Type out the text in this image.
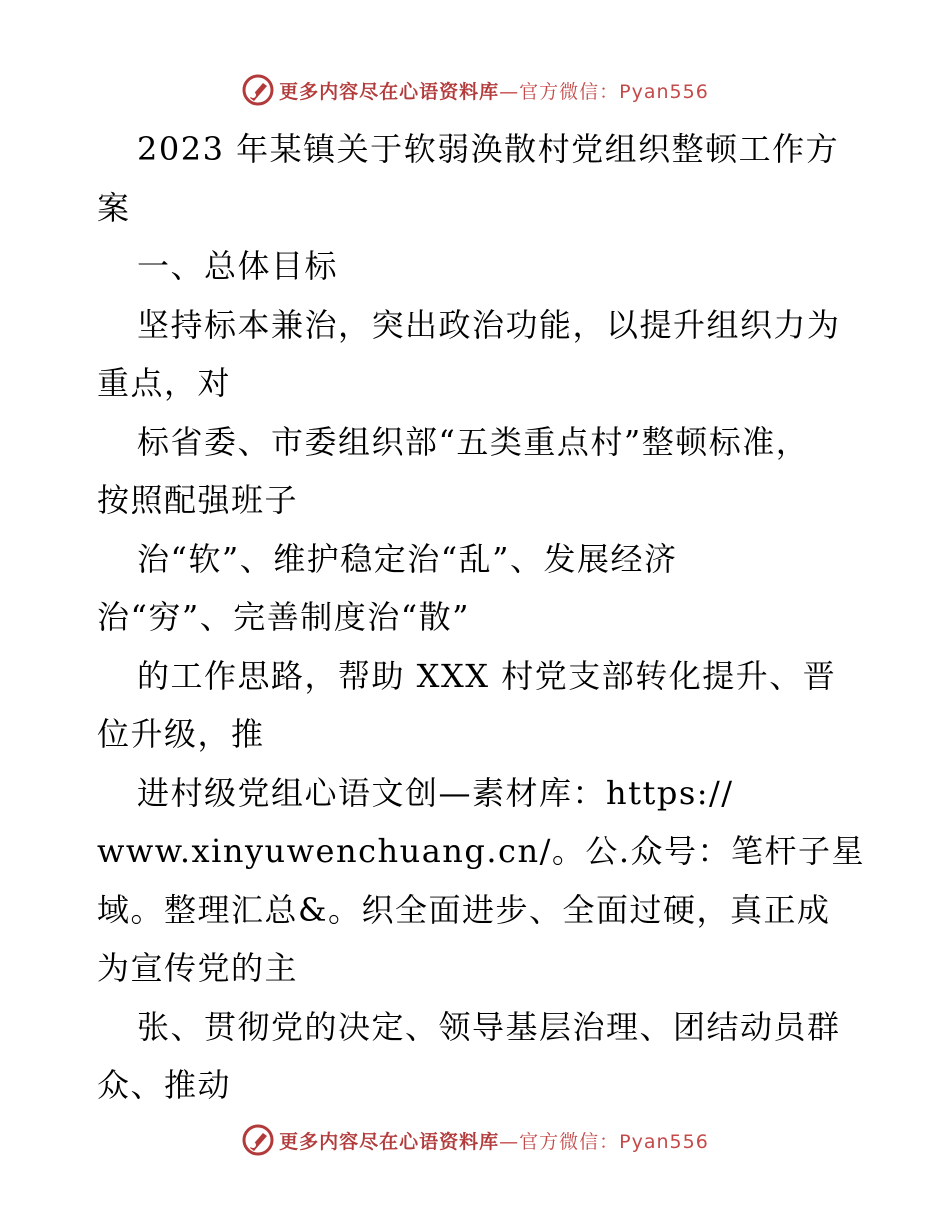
更多内容尽在心语资料库—官方微信：Pyan556
2023 年某镇关于软弱涣散村党组织整顿工作方
案
一、总体目标
坚持标本兼治，突出政治功能，以提升组织力为
重点，对
标省委、市委组织部“五类重点村”整顿标准，
按照配强班子
治“软”、维护稳定治“乱”、发展经济
治“穷”、完善制度治“散”
的工作思路，帮助 XXX 村党支部转化提升、晋
位升级，推
进村级党组心语文创—素材库：https://
www.xinyuwenchuang.cn/。公.众号：笔杆子星
域。整理汇总&。织全面进步、全面过硬，真正成
为宣传党的主
张、贯彻党的决定、领导基层治理、团结动员群
众、推动
更多内容尽在心语资料库—官方微信：Pyan556
